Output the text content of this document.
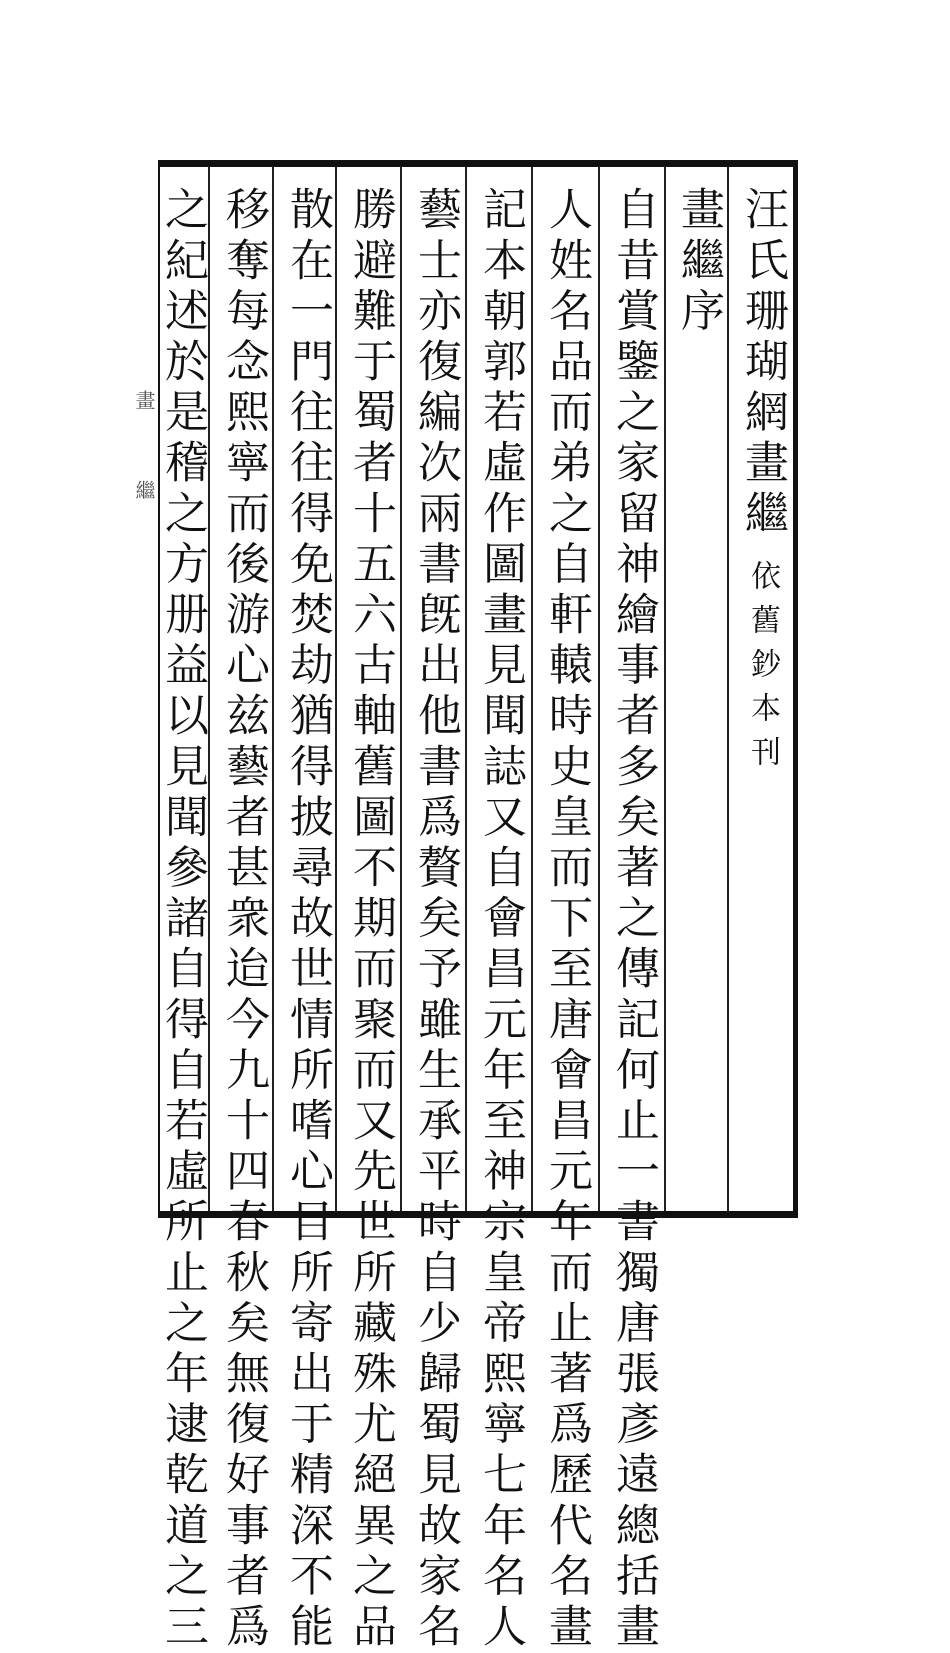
汪氏珊瑚網畫繼依舊鈔本刊
畫繼序
自昔賞鑒之家留神繪事者多矣著之傳記何止一書獨唐張彥遠總括畫
人姓名品而弟之自軒轅時史皇而下至唐會昌元年而止著爲歷代名畫
記本朝郭若虛作圖畫見聞誌又自會昌元年至神宗皇帝熙寧七年名人
藝士亦復編次兩書旣出他書爲贅矣予雖生承平時自少歸蜀見故家名
勝避難于蜀者十五六古軸舊圖不期而聚而又先世所藏殊尤絕異之品
散在一門往往得免焚劫猶得披尋故世情所嗜心目所寄出于精深不能
移奪每念熙寧而後游心兹藝者甚衆迨今九十四春秋矣無復好事者爲
之紀述於是稽之方册益以見聞參諸自得自若虛所止之年逮乾道之三
畫繼
